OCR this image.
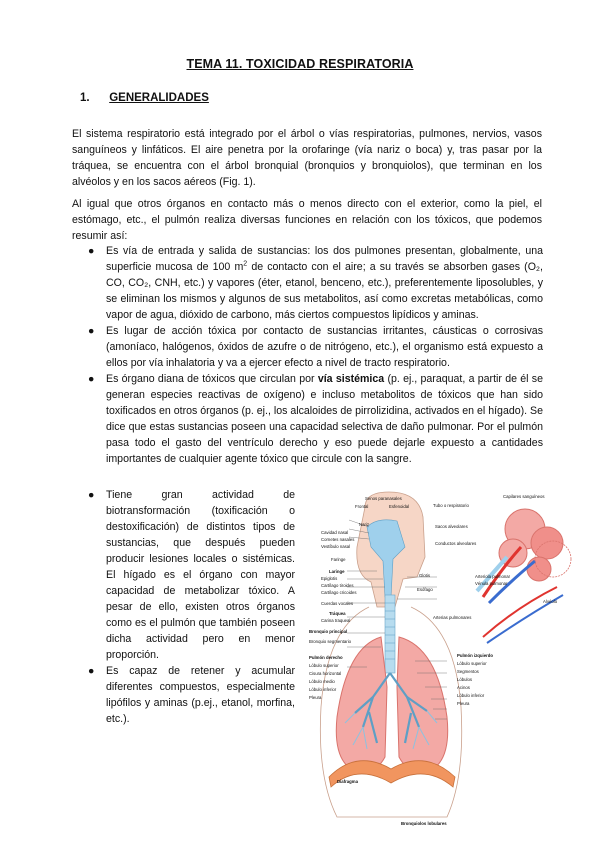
TEMA 11. TOXICIDAD RESPIRATORIA
1. GENERALIDADES

El sistema respiratorio está integrado por el árbol o vías respiratorias, pulmones, nervios, vasos sanguíneos y linfáticos. El aire penetra por la orofaringe (vía nariz o boca) y, tras pasar por la tráquea, se encuentra con el árbol bronquial (bronquios y bronquiolos), que terminan en los alvéolos y en los sacos aéreos (Fig. 1).

Al igual que otros órganos en contacto más o menos directo con el exterior, como la piel, el estómago, etc., el pulmón realiza diversas funciones en relación con los tóxicos, que podemos resumir así:

● Es vía de entrada y salida de sustancias: los dos pulmones presentan, globalmente, una superficie mucosa de 100 $m^2$ de contacto con el aire; a su través se absorben gases (O₂, CO, CO₂, CNH, etc.) y vapores (éter, etanol, benceno, etc.), preferentemente liposolubles, y se eliminan los mismos y algunos de sus metabolitos, así como excretas metabólicas, como vapor de agua, dióxido de carbono, más ciertos compuestos lipídicos y aminas.
● Es lugar de acción tóxica por contacto de sustancias irritantes, cáusticas o corrosivas (amoníaco, halógenos, óxidos de azufre o de nitrógeno, etc.), el organismo está expuesto a ellos por vía inhalatoria y va a ejercer efecto a nivel de tracto respiratorio.
● Es órgano diana de tóxicos que circulan por vía sistémica (p. ej., paraquat, a partir de él se generan especies reactivas de oxígeno) e incluso metabolitos de tóxicos que han sido toxificados en otros órganos (p. ej., los alcaloides de pirrolizidina, activados en el hígado). Se dice que estas sustancias poseen una capacidad selectiva de daño pulmonar. Por el pulmón pasa todo el gasto del ventrículo derecho y eso puede dejarle expuesto a cantidades importantes de cualquier agente tóxico que circule con la sangre.
● Tiene gran actividad de biotransformación (toxificación o destoxificación) de distintos tipos de sustancias, que después pueden producir lesiones locales o sistémicas. El hígado es el órgano con mayor capacidad de metabolizar tóxico. A pesar de ello, existen otros órganos como es el pulmón que también poseen dicha actividad pero en menor proporción.
● Es capaz de retener y acumular diferentes compuestos, especialmente lipófilos y aminas (p.ej., etanol, morfina, etc.).
Senos paranasales
Frontal	Esfenoidal
Capilares sanguíneos
Tubo o respiratorio
Nariz
Cavidad nasal
Cornetes nasales
Vestíbulo nasal
Sacos alveolares
Conductos alveolares
Faringe
Laringe
Epiglotis
Cartílago tiroides
Cartílago cricoides
Cuerdas vocales
Tráquea
Carina traqueal
Arteriola pulmonar
Vénula pulmonar
Alvéolo
Glotis
Esófago
Arterias pulmonares
Bronquio principal
Bronquio segmentario
Pulmón derecho
Lóbulo superior
Cisura horizontal
Lóbulo medio
Lóbulo inferior
Pleura
Pulmón izquierdo
Lóbulo superior
Segmentos
Lóbulos
Acinos
Lóbulo inferior
Pleura
Diafragma
Bronquiolos lobulares
